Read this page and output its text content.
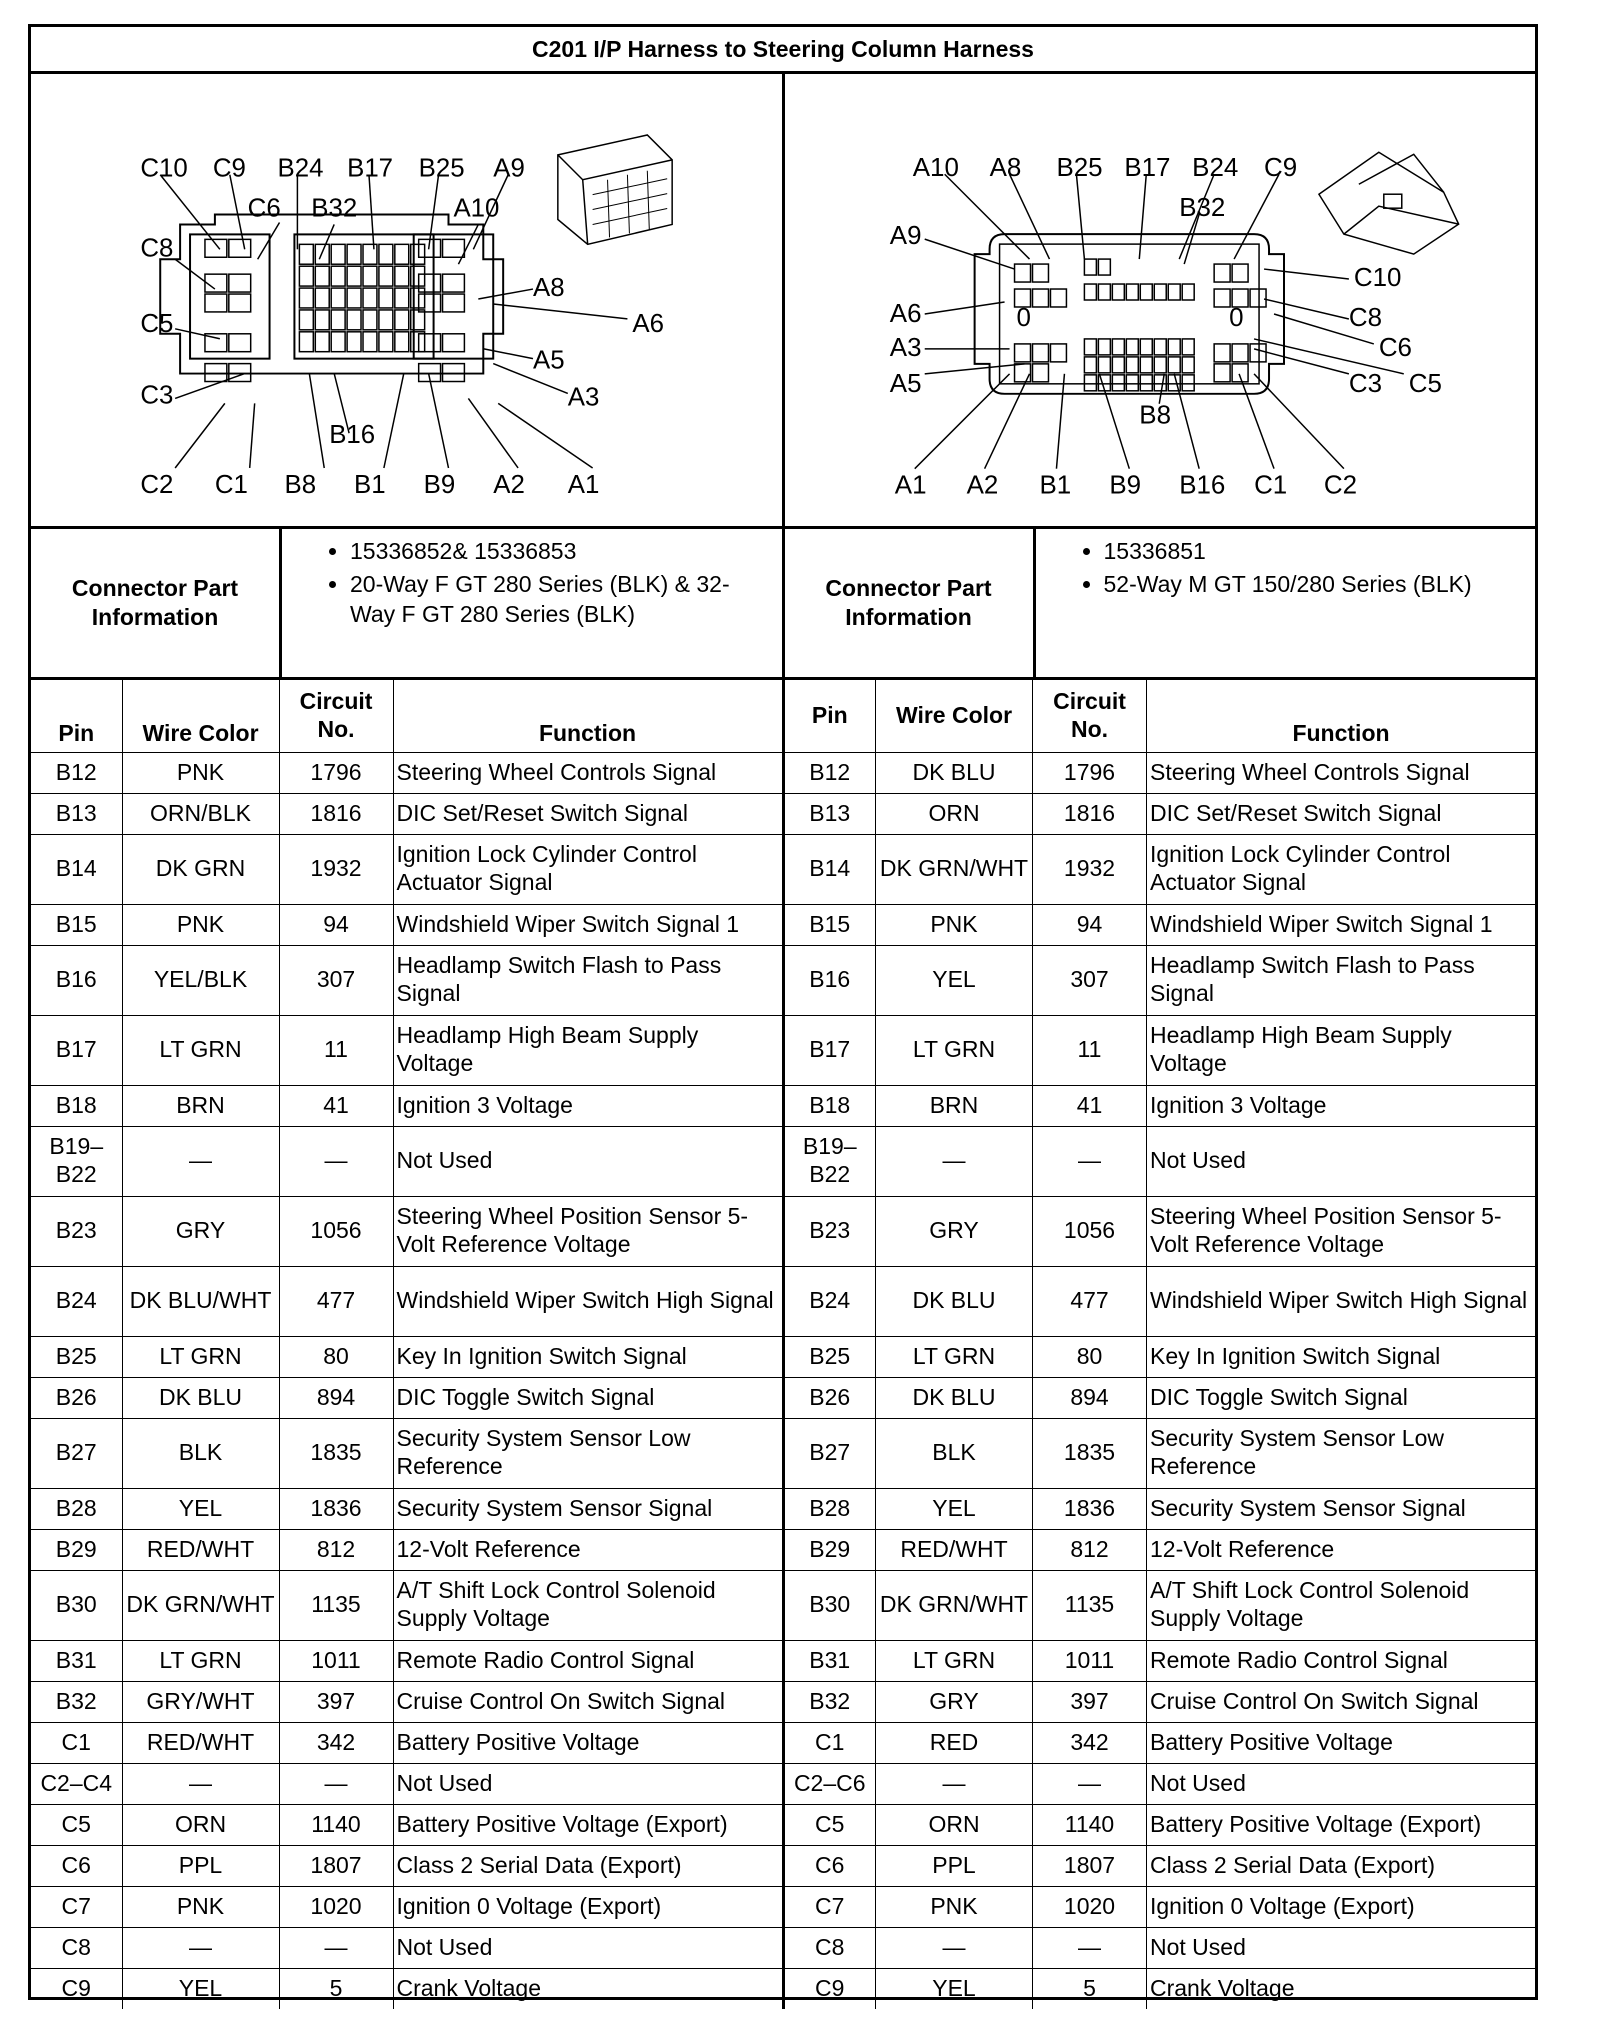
C201 I/P Harness to Steering Column Harness
C10 C9 B24 B17 B25 A9
C6 B32	A10
C8
C5
C3
A8
A6
A5
A3
B16
C2 C1 B8 B1 B9 A2 A1
0	0
A10 A8 B25 B17 B24 C9
B32
A9
A6
A3
A5
C10
C8
C6
C3 C5
B8
A1 A2 B1 B9 B16 C1 C2
Connector Part Information
• 15336852& 15336853
• 20-Way F GT 280 Series (BLK) & 32-Way F GT 280 Series (BLK)
Connector Part Information
• 15336851
• 52-Way M GT 150/280 Series (BLK)
Pin	Wire Color	Circuit No.	Function
B12	PNK	1796	Steering Wheel Controls Signal
B13	ORN/BLK	1816	DIC Set/Reset Switch Signal
B14	DK GRN	1932	Ignition Lock Cylinder Control Actuator Signal
B15	PNK	94	Windshield Wiper Switch Signal 1
B16	YEL/BLK	307	Headlamp Switch Flash to Pass Signal
B17	LT GRN	11	Headlamp High Beam Supply Voltage
B18	BRN	41	Ignition 3 Voltage
B19–B22	—	—	Not Used
B23	GRY	1056	Steering Wheel Position Sensor 5-Volt Reference Voltage
B24	DK BLU/WHT	477	Windshield Wiper Switch High Signal
B25	LT GRN	80	Key In Ignition Switch Signal
B26	DK BLU	894	DIC Toggle Switch Signal
B27	BLK	1835	Security System Sensor Low Reference
B28	YEL	1836	Security System Sensor Signal
B29	RED/WHT	812	12-Volt Reference
B30	DK GRN/WHT	1135	A/T Shift Lock Control Solenoid Supply Voltage
B31	LT GRN	1011	Remote Radio Control Signal
B32	GRY/WHT	397	Cruise Control On Switch Signal
C1	RED/WHT	342	Battery Positive Voltage
C2–C4	—	—	Not Used
C5	ORN	1140	Battery Positive Voltage (Export)
C6	PPL	1807	Class 2 Serial Data (Export)
C7	PNK	1020	Ignition 0 Voltage (Export)
C8	—	—	Not Used
C9	YEL	5	Crank Voltage
Pin	Wire Color	Circuit No.	Function
B12	DK BLU	1796	Steering Wheel Controls Signal
B13	ORN	1816	DIC Set/Reset Switch Signal
B14	DK GRN/WHT	1932	Ignition Lock Cylinder Control Actuator Signal
B15	PNK	94	Windshield Wiper Switch Signal 1
B16	YEL	307	Headlamp Switch Flash to Pass Signal
B17	LT GRN	11	Headlamp High Beam Supply Voltage
B18	BRN	41	Ignition 3 Voltage
B19–B22	—	—	Not Used
B23	GRY	1056	Steering Wheel Position Sensor 5-Volt Reference Voltage
B24	DK BLU	477	Windshield Wiper Switch High Signal
B25	LT GRN	80	Key In Ignition Switch Signal
B26	DK BLU	894	DIC Toggle Switch Signal
B27	BLK	1835	Security System Sensor Low Reference
B28	YEL	1836	Security System Sensor Signal
B29	RED/WHT	812	12-Volt Reference
B30	DK GRN/WHT	1135	A/T Shift Lock Control Solenoid Supply Voltage
B31	LT GRN	1011	Remote Radio Control Signal
B32	GRY	397	Cruise Control On Switch Signal
C1	RED	342	Battery Positive Voltage
C2–C6	—	—	Not Used
C5	ORN	1140	Battery Positive Voltage (Export)
C6	PPL	1807	Class 2 Serial Data (Export)
C7	PNK	1020	Ignition 0 Voltage (Export)
C8	—	—	Not Used
C9	YEL	5	Crank Voltage
